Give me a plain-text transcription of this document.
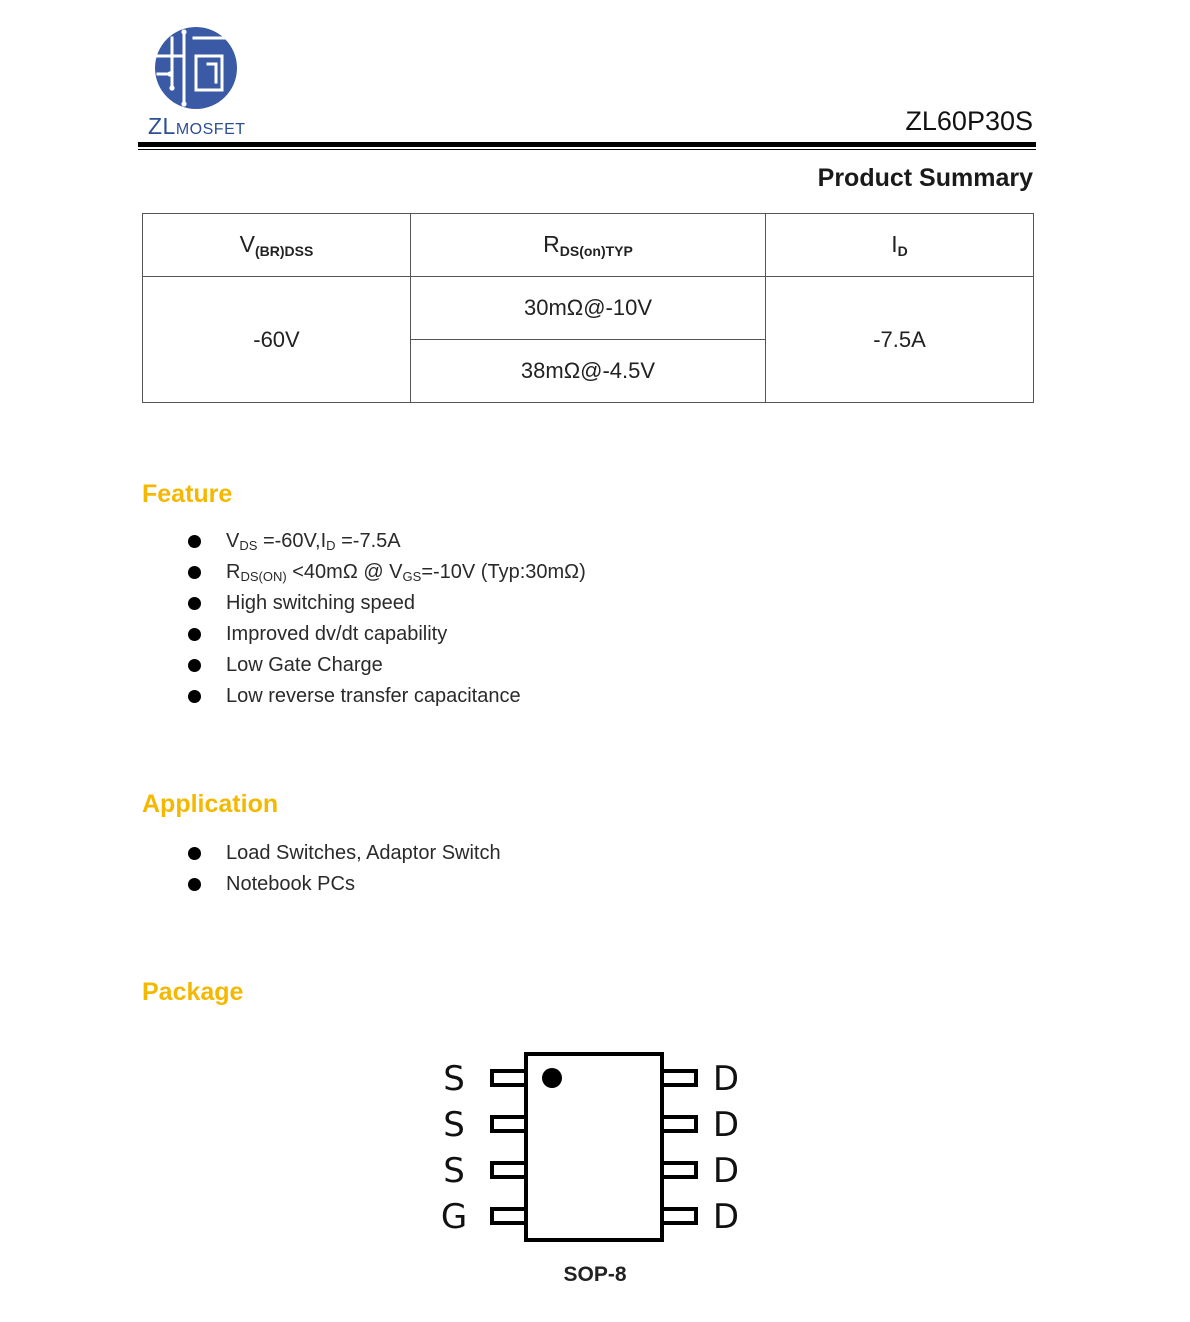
ZLMOSFET	ZL60P30S
Product Summary
$V_{(BR)DSS}$	$R_{DS(on)TYP}$	$I_D$
-60V	30mΩ@-10V	-7.5A
	38mΩ@-4.5V	
Feature
$V_{DS} =-60V,I_D =-7.5A$
$R_{DS(ON)} <40m\Omega$ @ $V_{GS}=-10V$ (Typ:30mΩ)
High switching speed
Improved dv/dt capability
Low Gate Charge
Low reverse transfer capacitance
Application
Load Switches, Adaptor Switch
Notebook PCs
Package
S
S
S
G
D
D
D
D
SOP-8
